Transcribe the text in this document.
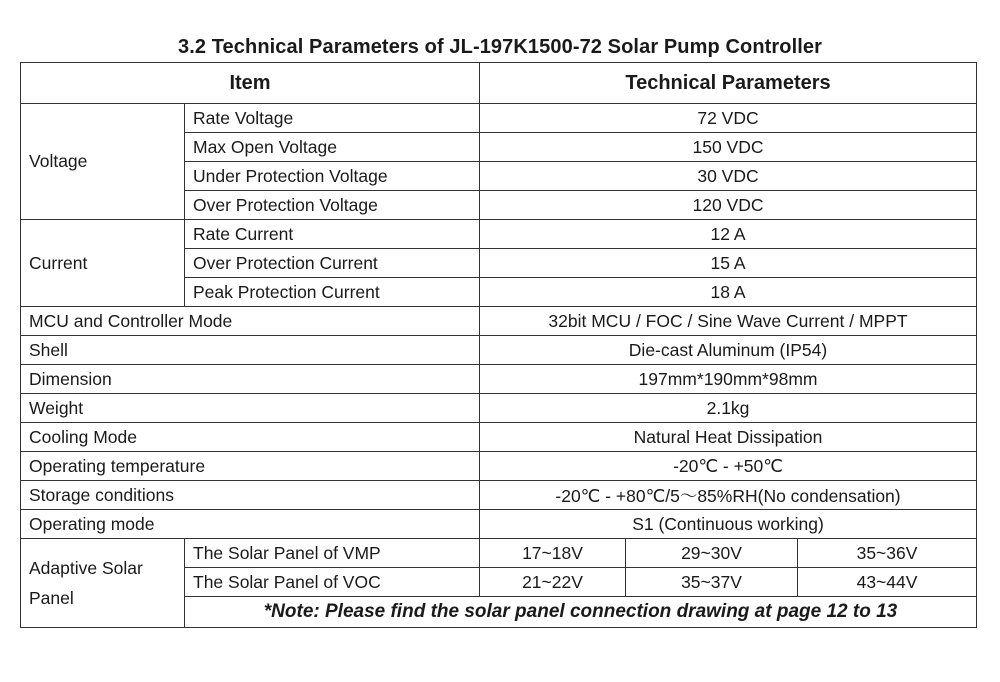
3.2 Technical Parameters of JL-197K1500-72 Solar Pump Controller
Item		Technical Parameters		
Voltage	Rate Voltage	72 VDC		
	Max Open Voltage	150 VDC		
	Under Protection Voltage	30 VDC		
	Over Protection Voltage	120 VDC		
Current	Rate Current	12 A		
	Over Protection Current	15 A		
	Peak Protection Current	18 A		
MCU and Controller Mode		32bit MCU / FOC / Sine Wave Current / MPPT		
Shell		Die-cast Aluminum (IP54)		
Dimension		197mm*190mm*98mm		
Weight		2.1kg		
Cooling Mode		Natural Heat Dissipation		
Operating temperature		-20℃ - +50℃		
Storage conditions		-20℃ - +80℃/5～85%RH(No condensation)		
Operating mode		S1 (Continuous working)		
Adaptive Solar Panel	The Solar Panel of VMP	17~18V	29~30V	35~36V
	The Solar Panel of VOC	21~22V	35~37V	43~44V
	*Note: Please find the solar panel connection drawing at page 12 to 13			
